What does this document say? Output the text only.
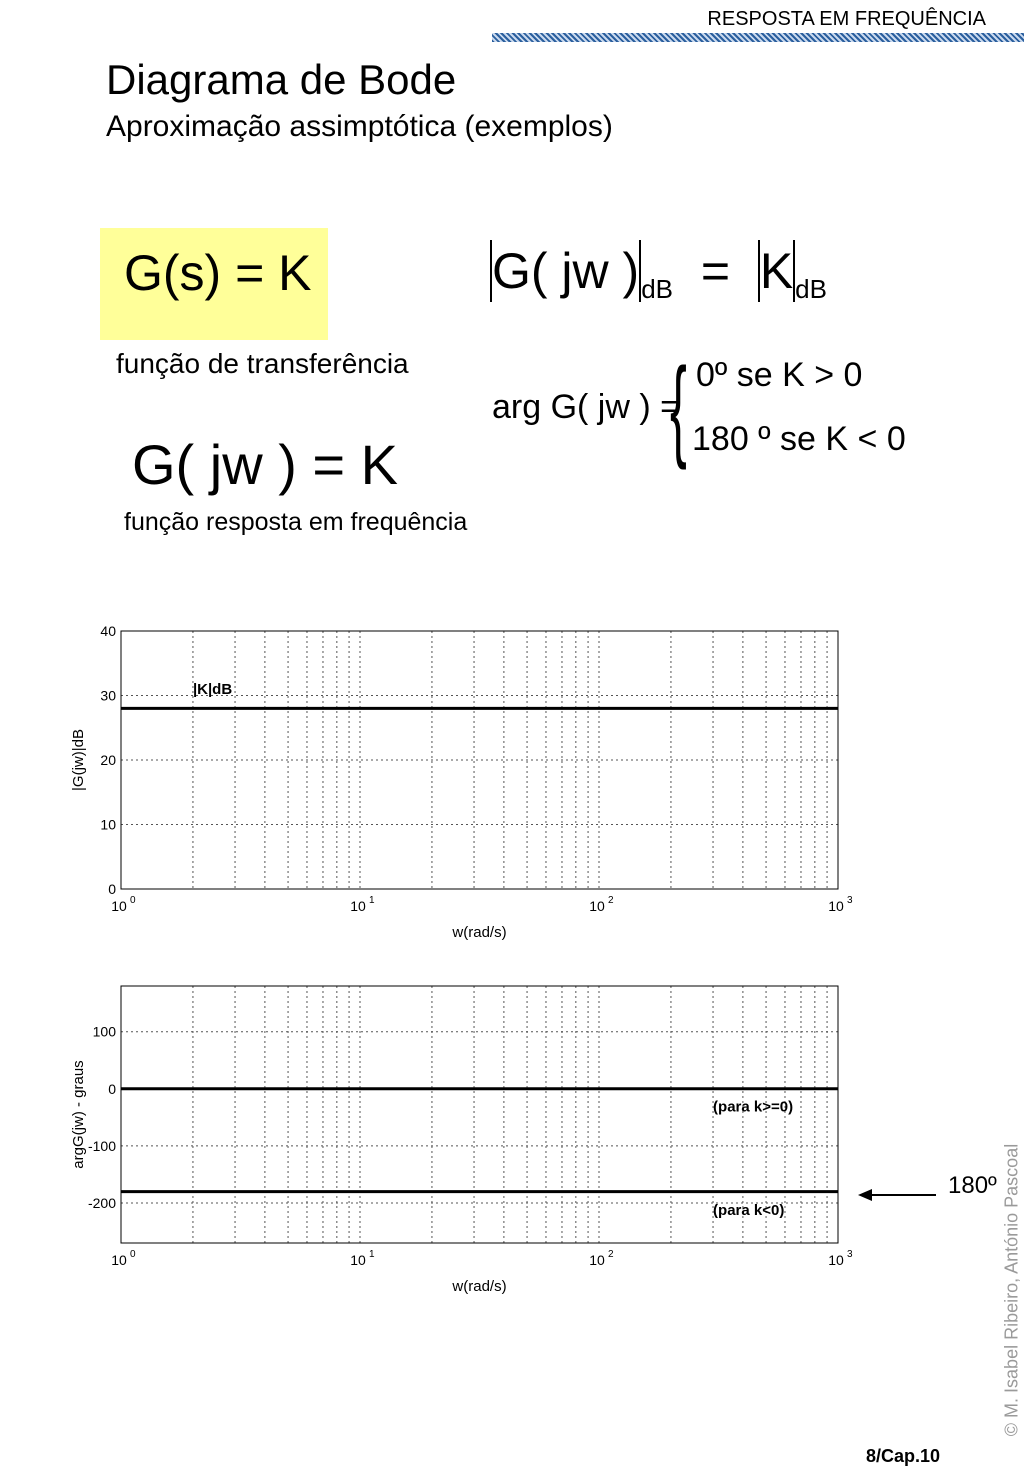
RESPOSTA EM FREQUÊNCIA
Diagrama de Bode
Aproximação assimptótica (exemplos)
G(s) = K
função de transferência
G( jw ) = K
função resposta em frequência
G( jw )$_{dB} = K_{dB}$
arg G( jw ) =
{ 0º se K > 0
180 º se K < 0
0
10
20
30
40
10 0	10 1	10 2	10 3
w(rad/s)
|G(jw)|dB
|K|dB
-200
-100
0
100
10 0	10 1	10 2	10 3
w(rad/s)
argG(jw) - graus	(para k>=0)
(para k<0)
180º © M. Isabel Ribeiro, António Pascoal
8/Cap.10
